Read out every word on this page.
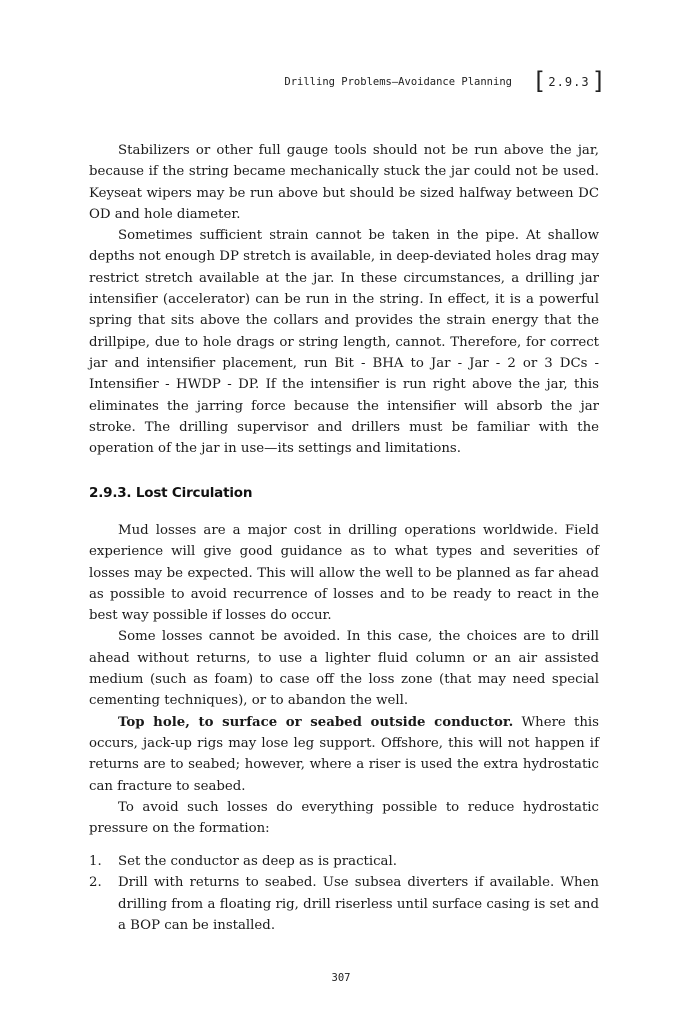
Drilling Problems—Avoidance Planning [ 2.9.3 ]

Stabilizers or other full gauge tools should not be run above the jar, because if the string became mechanically stuck the jar could not be used. Keyseat wipers may be run above but should be sized halfway between DC OD and hole diameter.

Sometimes sufficient strain cannot be taken in the pipe. At shallow depths not enough DP stretch is available, in deep-deviated holes drag may restrict stretch available at the jar. In these circumstances, a drilling jar intensifier (accelerator) can be run in the string. In effect, it is a powerful spring that sits above the collars and provides the strain energy that the drillpipe, due to hole drags or string length, cannot. Therefore, for correct jar and intensifier placement, run Bit - BHA to Jar - Jar - 2 or 3 DCs - Intensifier - HWDP - DP. If the intensifier is run right above the jar, this eliminates the jarring force because the intensifier will absorb the jar stroke. The drilling supervisor and drillers must be familiar with the operation of the jar in use—its settings and limitations.

2.9.3. Lost Circulation

Mud losses are a major cost in drilling operations worldwide. Field experience will give good guidance as to what types and severities of losses may be expected. This will allow the well to be planned as far ahead as possible to avoid recurrence of losses and to be ready to react in the best way possible if losses do occur.

Some losses cannot be avoided. In this case, the choices are to drill ahead without returns, to use a lighter fluid column or an air assisted medium (such as foam) to case off the loss zone (that may need special cementing techniques), or to abandon the well.

Top hole, to surface or seabed outside conductor. Where this occurs, jack-up rigs may lose leg support. Offshore, this will not happen if returns are to seabed; however, where a riser is used the extra hydrostatic can fracture to seabed.

To avoid such losses do everything possible to reduce hydrostatic pressure on the formation:

1.	Set the conductor as deep as is practical.
2.	Drill with returns to seabed. Use subsea diverters if available. When drilling from a floating rig, drill riserless until surface casing is set and a BOP can be installed.
307
